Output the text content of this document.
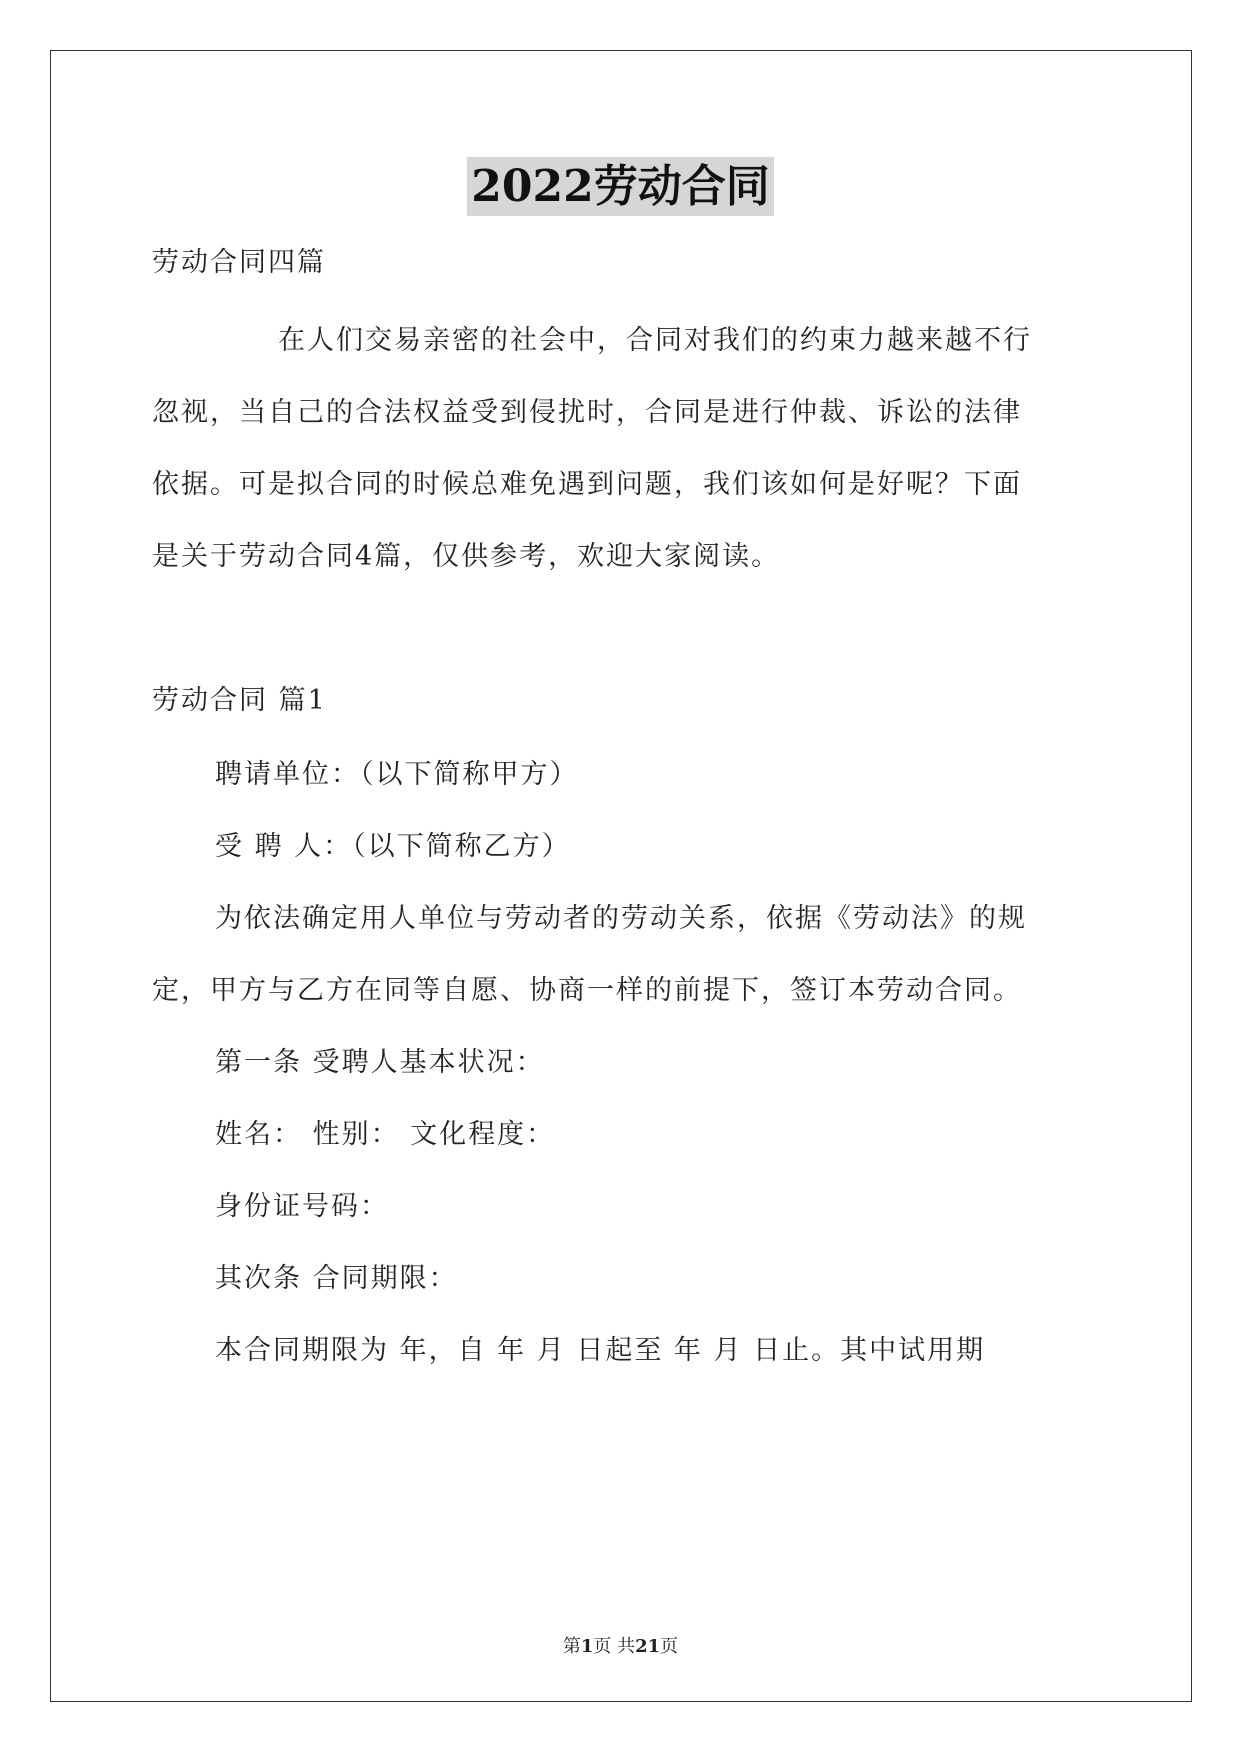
2022劳动合同
劳动合同四篇
在人们交易亲密的社会中，合同对我们的约束力越来越不行
忽视，当自己的合法权益受到侵扰时，合同是进行仲裁、诉讼的法律
依据。可是拟合同的时候总难免遇到问题，我们该如何是好呢？下面
是关于劳动合同4篇，仅供参考，欢迎大家阅读。
劳动合同 篇1
聘请单位：（以下简称甲方）
受 聘 人：（以下简称乙方）
为依法确定用人单位与劳动者的劳动关系，依据《劳动法》的规
定，甲方与乙方在同等自愿、协商一样的前提下，签订本劳动合同。
第一条 受聘人基本状况：
姓名： 性别： 文化程度：
身份证号码：
其次条 合同期限：
本合同期限为 年，自 年 月 日起至 年 月 日止。其中试用期
第1页 共21页
